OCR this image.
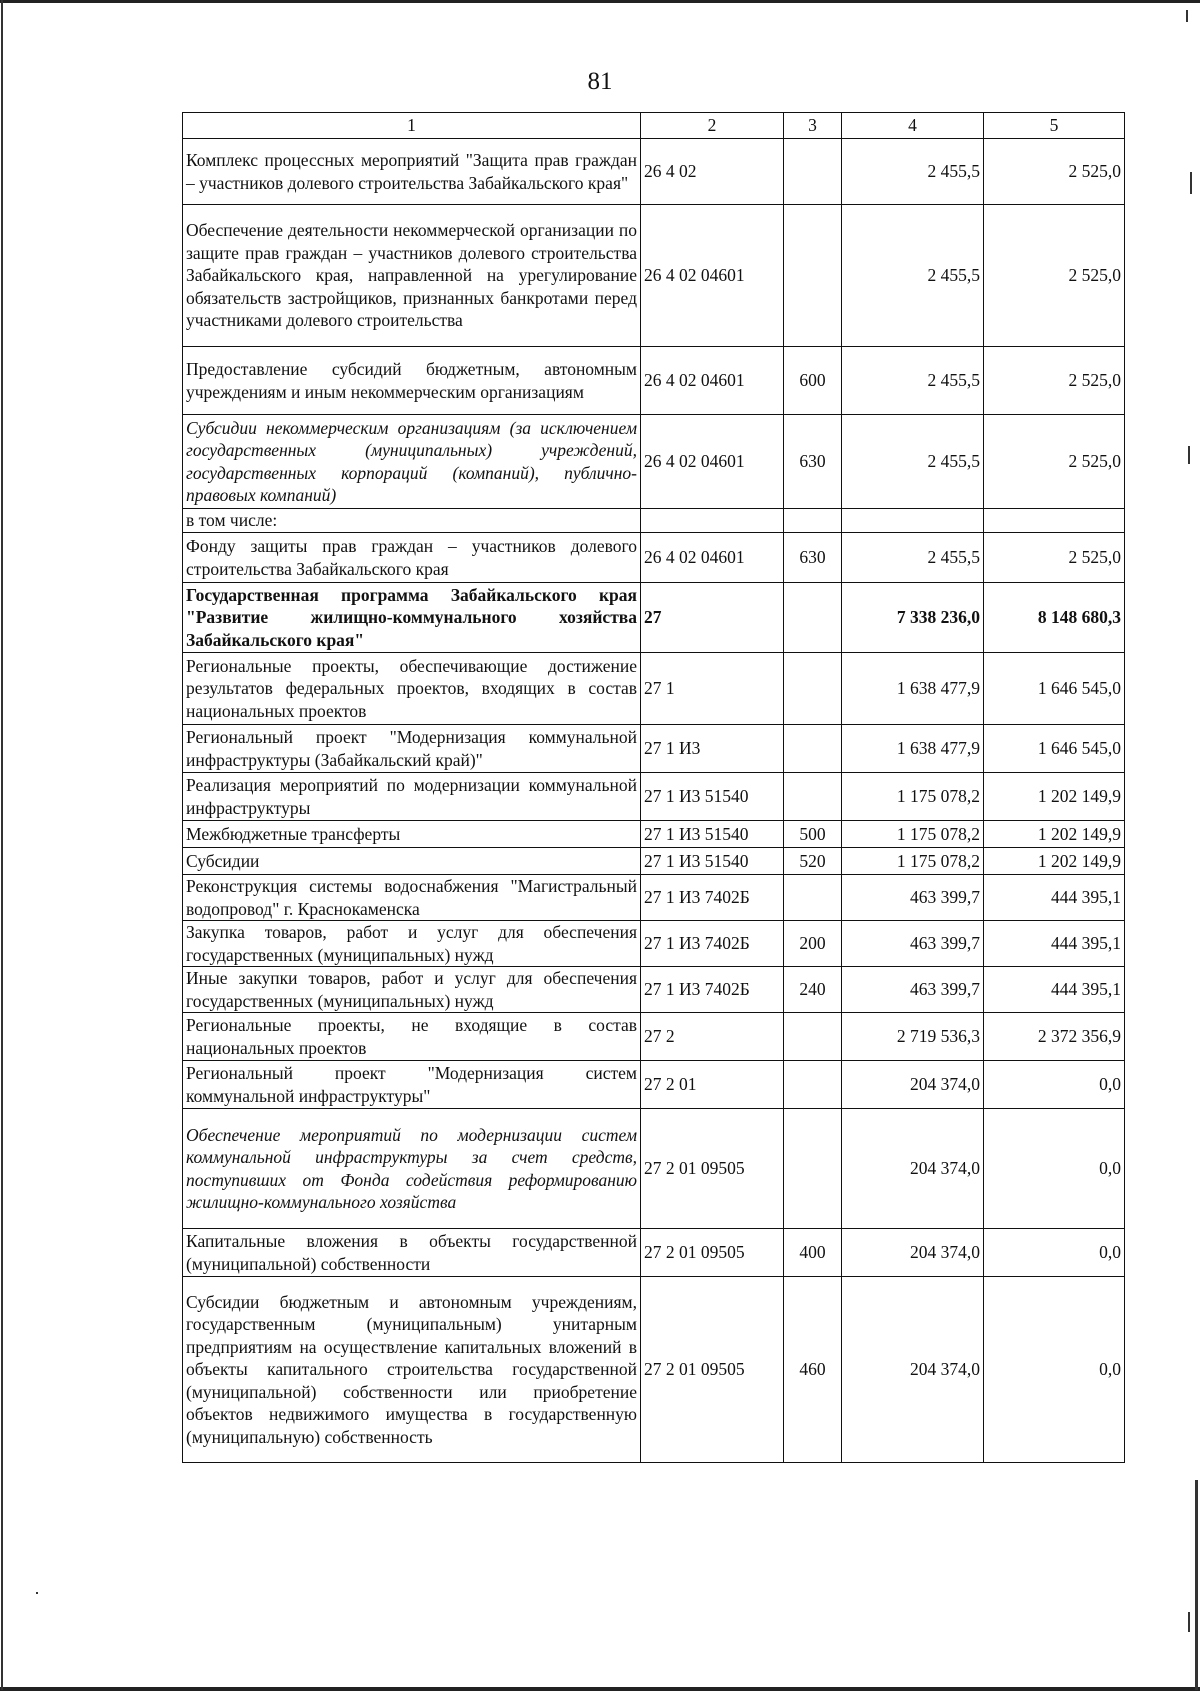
81
1	2	3	4	5
Комплекс процессных мероприятий "Защита прав граждан – участников долевого строительства Забайкальского края"	26 4 02		2 455,5	2 525,0
Обеспечение деятельности некоммерческой организации по защите прав граждан – участников долевого строительства Забайкальского края, направленной на урегулирование обязательств застройщиков, признанных банкротами перед участниками долевого строительства	26 4 02 04601		2 455,5	2 525,0
Предоставление субсидий бюджетным, автономным учреждениям и иным некоммерческим организациям	26 4 02 04601	600	2 455,5	2 525,0
Субсидии некоммерческим организациям (за исключением государственных (муниципальных) учреждений, государственных корпораций (компаний), публично-правовых компаний)	26 4 02 04601	630	2 455,5	2 525,0
в том числе:				
Фонду защиты прав граждан – участников долевого строительства Забайкальского края	26 4 02 04601	630	2 455,5	2 525,0
Государственная программа Забайкальского края "Развитие жилищно-коммунального хозяйства Забайкальского края"	27		7 338 236,0	8 148 680,3
Региональные проекты, обеспечивающие достижение результатов федеральных проектов, входящих в состав национальных проектов	27 1		1 638 477,9	1 646 545,0
Региональный проект "Модернизация коммунальной инфраструктуры (Забайкальский край)"	27 1 И3		1 638 477,9	1 646 545,0
Реализация мероприятий по модернизации коммунальной инфраструктуры	27 1 И3 51540		1 175 078,2	1 202 149,9
Межбюджетные трансферты	27 1 И3 51540	500	1 175 078,2	1 202 149,9
Субсидии	27 1 И3 51540	520	1 175 078,2	1 202 149,9
Реконструкция системы водоснабжения "Магистральный водопровод" г. Краснокаменска	27 1 И3 7402Б		463 399,7	444 395,1
Закупка товаров, работ и услуг для обеспечения государственных (муниципальных) нужд	27 1 И3 7402Б	200	463 399,7	444 395,1
Иные закупки товаров, работ и услуг для обеспечения государственных (муниципальных) нужд	27 1 И3 7402Б	240	463 399,7	444 395,1
Региональные проекты, не входящие в состав национальных проектов	27 2		2 719 536,3	2 372 356,9
Региональный проект "Модернизация систем коммунальной инфраструктуры"	27 2 01		204 374,0	0,0
Обеспечение мероприятий по модернизации систем коммунальной инфраструктуры за счет средств, поступивших от Фонда содействия реформированию жилищно-коммунального хозяйства	27 2 01 09505		204 374,0	0,0
Капитальные вложения в объекты государственной (муниципальной) собственности	27 2 01 09505	400	204 374,0	0,0
Субсидии бюджетным и автономным учреждениям, государственным (муниципальным) унитарным предприятиям на осуществление капитальных вложений в объекты капитального строительства государственной (муниципальной) собственности или приобретение объектов недвижимого имущества в государственную (муниципальную) собственность	27 2 01 09505	460	204 374,0	0,0
